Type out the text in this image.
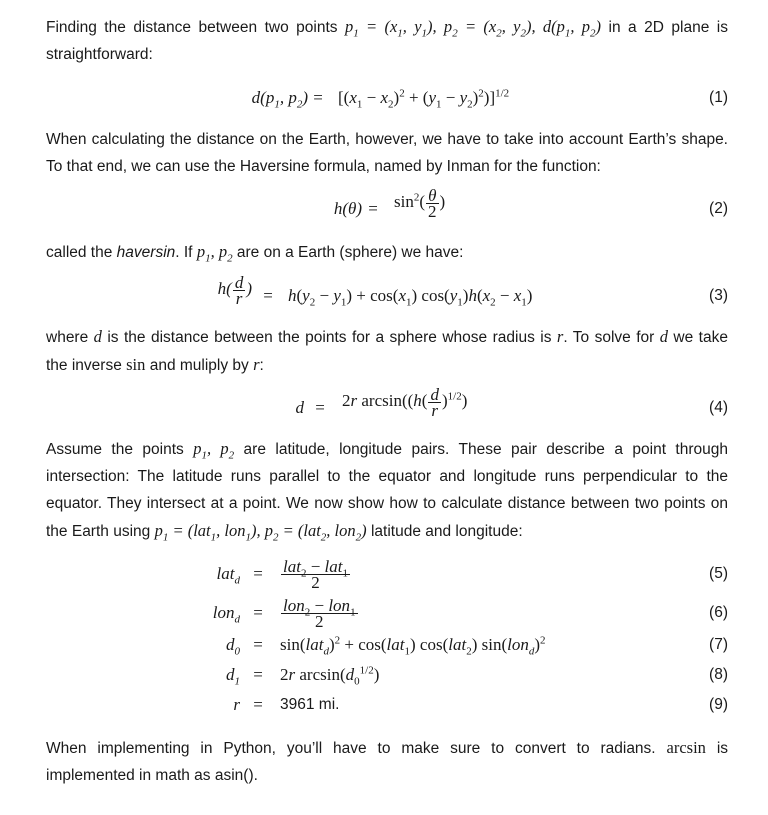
Finding the distance between two points $p_1 = (x_1$, $y_1$), $p_2 = (x_2$, $y_2$), $d(p_1$, $p_2$) in a 2D plane is straightforward:
$d(p_1$, $p_2) = [(x_1 - x_2)^2 + (y_1 - y_2)^2)]^{1/2}$	(1)
When calculating the distance on the Earth, however, we have to take into account Earth’s shape. To that end, we can use the Haversine formula, named by Inman for the function:
$h(\theta) = \sin^2( \frac{\theta}{2}$ )	(2)
called the haversin. If $p_1$, $p_2$ are on a Earth (sphere) we have:
$h( \frac{d}{r}$ ) = $h(y_2 - y_1) + \cos(x_1) \cos(y_1)h(x_2 - x_1)$	(3)
where d is the distance between the points for a sphere whose radius is r. To solve for d we take the inverse sin and muliply by r:
d =	2r $\arcsin((h( \frac{d}{r} )^{1/2})$	(4)
Assume the points $p_1$, $p_2$ are latitude, longitude pairs. These pair describe a point through intersection: The latitude runs parallel to the equator and longitude runs perpendicular to the equator. They intersect at a point. We now show how to calculate distance between two points on the Earth using $p_1 = (lat_1$, lon$_1$), $p_2 = (lat_2$, lon$_2$) latitude and longitude:
lat$_d$ =	$\frac{lat_2 - lat_1}{2}$	(5)
lon$_d$ =	$\frac{lon_2 - lon_1}{2}$	(6)
$d_0$ =	$\sin(lat_d)^2 + \cos(lat_1)$ cos(lat$_2$) $\sin(lon_d)^2$	(7)
$d_1$ =	2r $\arcsin(d_0^{1/2})$	(8)
r =	3961 mi.	(9)
When implementing in Python, you’ll have to make sure to convert to radians. arcsin is implemented in math as asin().
